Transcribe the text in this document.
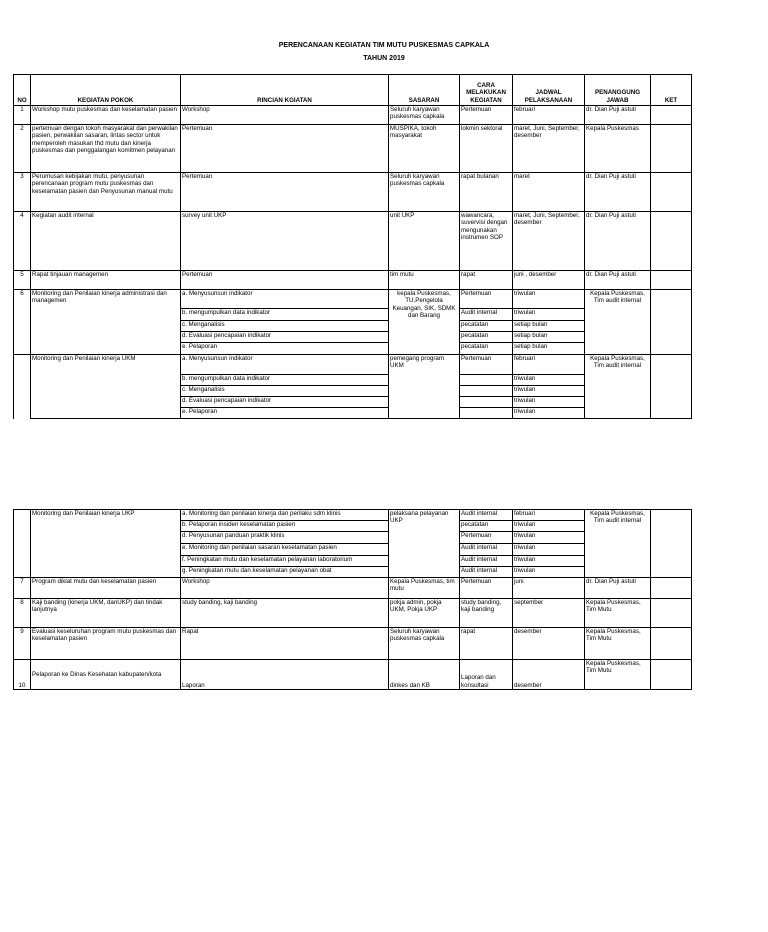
PERENCANAAN KEGIATAN TIM MUTU PUSKESMAS CAPKALA
TAHUN 2019
NO	KEGIATAN POKOK	RINCIAN KGIATAN	SASARAN	CARA MELAKUKAN KEGIATAN	JADWAL PELAKSANAAN	PENANGGUNG JAWAB	KET
1	Workshop mutu puskesmas dan keselamatan pasien	Workshop	Seluruh karyawan puskesmas capkala	Pertemuan	februari	dr. Dian Puji astuti	
2	pertemuan dengan tokoh masyarakat dan perwakilan pasien, perwakilan sasaran, lintas sector untuk memperoleh masukan thd mutu dan kinerja puskesmas dan penggalangan komitmen pelayanan	Pertemuan	MUSPIKA, tokoh masyarakat	lokmin sektoral	maret, Juni, September, desember	Kepala Puskesmas	
3	Perumusan kebijakan mutu, penyusunan perencanaan program mutu puskesmas dan keselamatan pasien dan Penyusunan manual mutu	Pertemuan	Seluruh karyawan puskesmas capkala	rapat bulanan	maret	dr. Dian Puji astuti	
4	Kegiatan audit internal	survey unit UKP	unit UKP	wawancara, suvervisi dengan mengunakan instrumen SOP	maret, Juni, September, desember	dr. Dian Puji astuti	
5	Rapat tinjauan managemen	Pertemuan	tim mutu	rapat	juni , desember	dr. Dian Puji astuti	
6	Monitoring dan Penilaian kinerja administrasi dan managemen	a. Menyusunsun indikator	kepala Puskesmas, TU,Pengelola Keuangan, SIK, SDMK dan Barang	Pertemuan	triwulan	Kepala Puskesmas, Tim audit internal	
		b. mengumpulkan data indikator		Audit internal	triwulan		
		c. Menganalisis		pecatatan	setiap bulan		
		d. Evaluasi pencapaian indikator		pecatatan	setiap bulan		
		e. Pelaporan		pecatatan	setiap bulan		
	Monitoring dan Penilaian kinerja UKM	a. Menyusunsun indikator	pemegang program UKM	Pertemuan	februari	Kepala Puskesmas, Tim audit internal	
		b. mengumpulkan data indikator			triwulan		
		c. Menganalisis			triwulan		
		d. Evaluasi pencapaian indikator			triwulan		
		e. Pelaporan			triwulan		
	Monitoring dan Penilaian kinerja UKP	a. Monitoring dan penilaian kinerja dan perilaku sdm klinis	pelaksana pelayanan UKP	Audit internal	februari	Kepala Puskesmas, Tim audit internal	
		b. Pelaporan insiden keselamatan pasien		pecatatan	triwulan		
		d. Penyusunan panduan praktik klinis		Pertemuan	triwulan		
		e. Monitoring dan penilaian sasaran keselamatan pasien		Audit internal	triwulan		
		f. Peningkatan mutu dan keselamatan pelayanan laboratorium		Audit internal	triwulan		
		g. Peningkatan mutu dan keselamatan pelayanan obat		Audit internal	triwulan		
7	Program diklat mutu dan keselamatan pasien	Workshop	Kepala Puskesmas, tim mutu	Pertemuan	juni	dr. Dian Puji astuti	
8	Kaji banding (kinerja UKM, danUKP) dan tindak lanjutnya	study banding, kaji banding	pokja admin, pokja UKM, Pokja UKP	study banding, kaji banding	september	Kepala Puskesmas, Tim Mutu	
9	Evaluasi keseluruhan program mutu puskesmas dan keselamatan pasien	Rapat	Seluruh karyawan puskesmas capkala	rapat	desember	Kepala Puskesmas, Tim Mutu	
10	Pelaporan ke Dinas Kesehatan kabupaten/kota	Laporan	dinkes dan KB	Laporan dan konsultasi	desember	Kepala Puskesmas, Tim Mutu	
